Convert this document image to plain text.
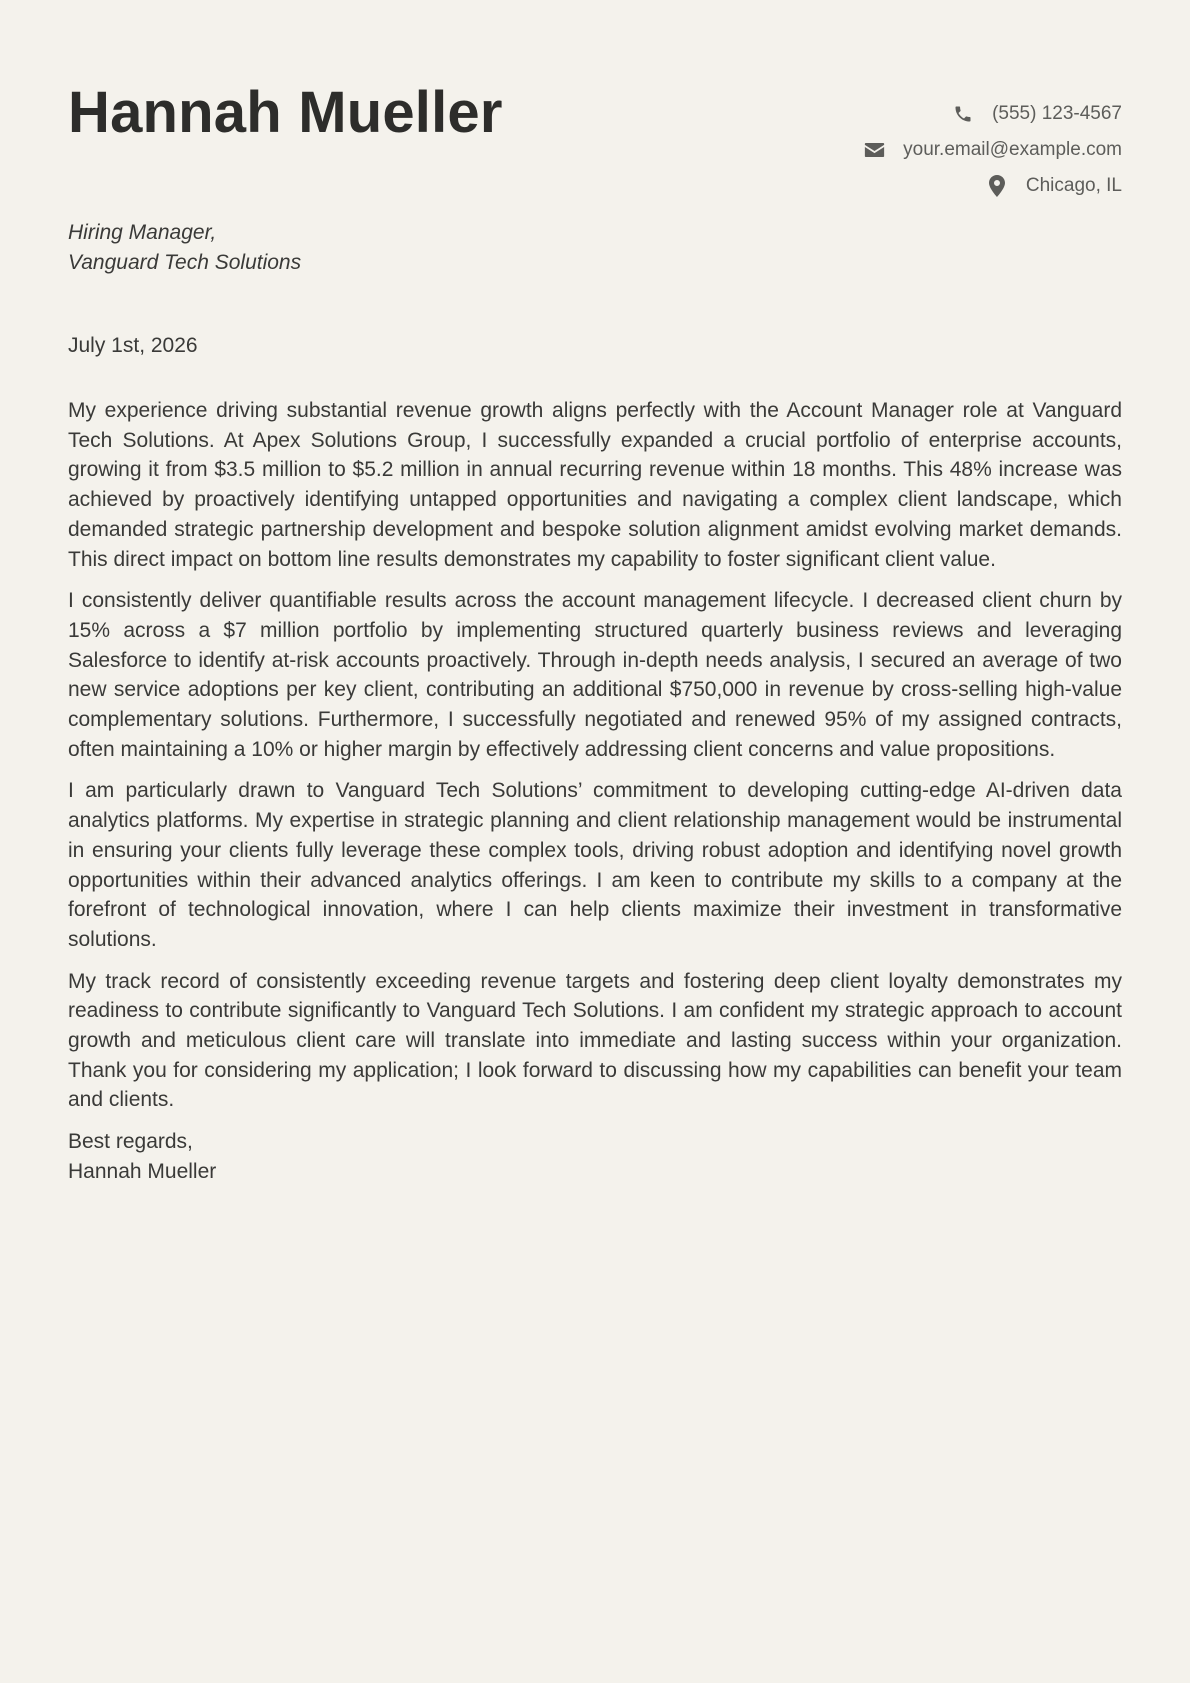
Hannah Mueller	(555) 123-4567
your.email@example.com
Chicago, IL
Hiring Manager,
Vanguard Tech Solutions
July 1st, 2026

My experience driving substantial revenue growth aligns perfectly with the Account Manager role at Vanguard Tech Solutions. At Apex Solutions Group, I successfully expanded a crucial portfolio of enterprise accounts, growing it from $3.5 million to $5.2 million in annual recurring revenue within 18 months. This 48% increase was achieved by proactively identifying untapped opportunities and navigating a complex client landscape, which demanded strategic partnership development and bespoke solution alignment amidst evolving market demands. This direct impact on bottom line results demonstrates my capability to foster significant client value.

I consistently deliver quantifiable results across the account management lifecycle. I decreased client churn by 15% across a $7 million portfolio by implementing structured quarterly business reviews and leveraging Salesforce to identify at-risk accounts proactively. Through in-depth needs analysis, I secured an average of two new service adoptions per key client, contributing an additional $750,000 in revenue by cross-selling high-value complementary solutions. Furthermore, I successfully negotiated and renewed 95% of my assigned contracts, often maintaining a 10% or higher margin by effectively addressing client concerns and value propositions.

I am particularly drawn to Vanguard Tech Solutions’ commitment to developing cutting-edge AI-driven data analytics platforms. My expertise in strategic planning and client relationship management would be instrumental in ensuring your clients fully leverage these complex tools, driving robust adoption and identifying novel growth opportunities within their advanced analytics offerings. I am keen to contribute my skills to a company at the forefront of technological innovation, where I can help clients maximize their investment in transformative solutions.

My track record of consistently exceeding revenue targets and fostering deep client loyalty demonstrates my readiness to contribute significantly to Vanguard Tech Solutions. I am confident my strategic approach to account growth and meticulous client care will translate into immediate and lasting success within your organization. Thank you for considering my application; I look forward to discussing how my capabilities can benefit your team and clients.

Best regards,
Hannah Mueller
